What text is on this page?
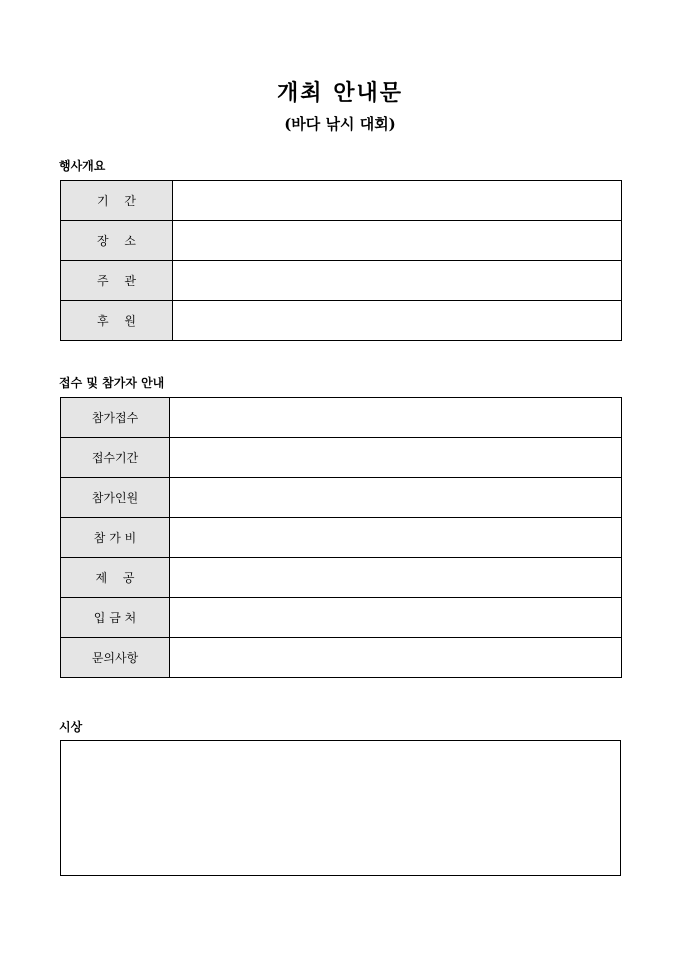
개최 안내문
(바다 낚시 대회)
행사개요
기　 간	
장　 소	
주　 관	
후　 원	
접수 및 참가자 안내
참가접수	
접수기간	
참가인원	
참 가 비	
제　 공	
입 금 처	
문의사항	
시상
